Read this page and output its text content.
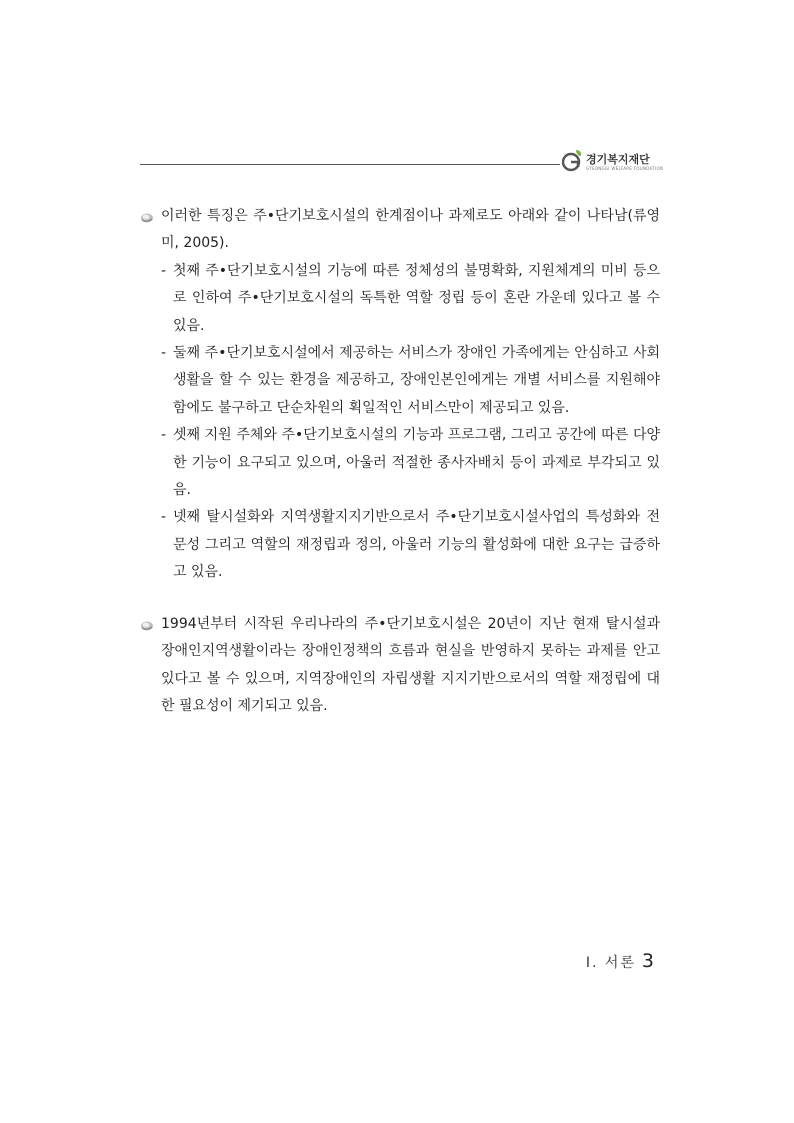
경기복지재단
GYEONGGI WELFARE FOUNDATION
이러한 특징은 주•단기보호시설의 한계점이나 과제로도 아래와 같이 나타남(류영미, 2005).
- 첫째 주•단기보호시설의 기능에 따른 정체성의 불명확화, 지원체계의 미비 등으로 인하여 주•단기보호시설의 독특한 역할 정립 등이 혼란 가운데 있다고 볼 수 있음.
- 둘째 주•단기보호시설에서 제공하는 서비스가 장애인 가족에게는 안심하고 사회생활을 할 수 있는 환경을 제공하고, 장애인본인에게는 개별 서비스를 지원해야 함에도 불구하고 단순차원의 획일적인 서비스만이 제공되고 있음.
- 셋째 지원 주체와 주•단기보호시설의 기능과 프로그램, 그리고 공간에 따른 다양한 기능이 요구되고 있으며, 아울러 적절한 종사자배치 등이 과제로 부각되고 있음.
- 넷째 탈시설화와 지역생활지지기반으로서 주•단기보호시설사업의 특성화와 전문성 그리고 역할의 재정립과 정의, 아울러 기능의 활성화에 대한 요구는 급증하고 있음.
1994년부터 시작된 우리나라의 주•단기보호시설은 20년이 지난 현재 탈시설과 장애인지역생활이라는 장애인정책의 흐름과 현실을 반영하지 못하는 과제를 안고 있다고 볼 수 있으며, 지역장애인의 자립생활 지지기반으로서의 역할 재정립에 대한 필요성이 제기되고 있음.
Ⅰ. 서론 3
